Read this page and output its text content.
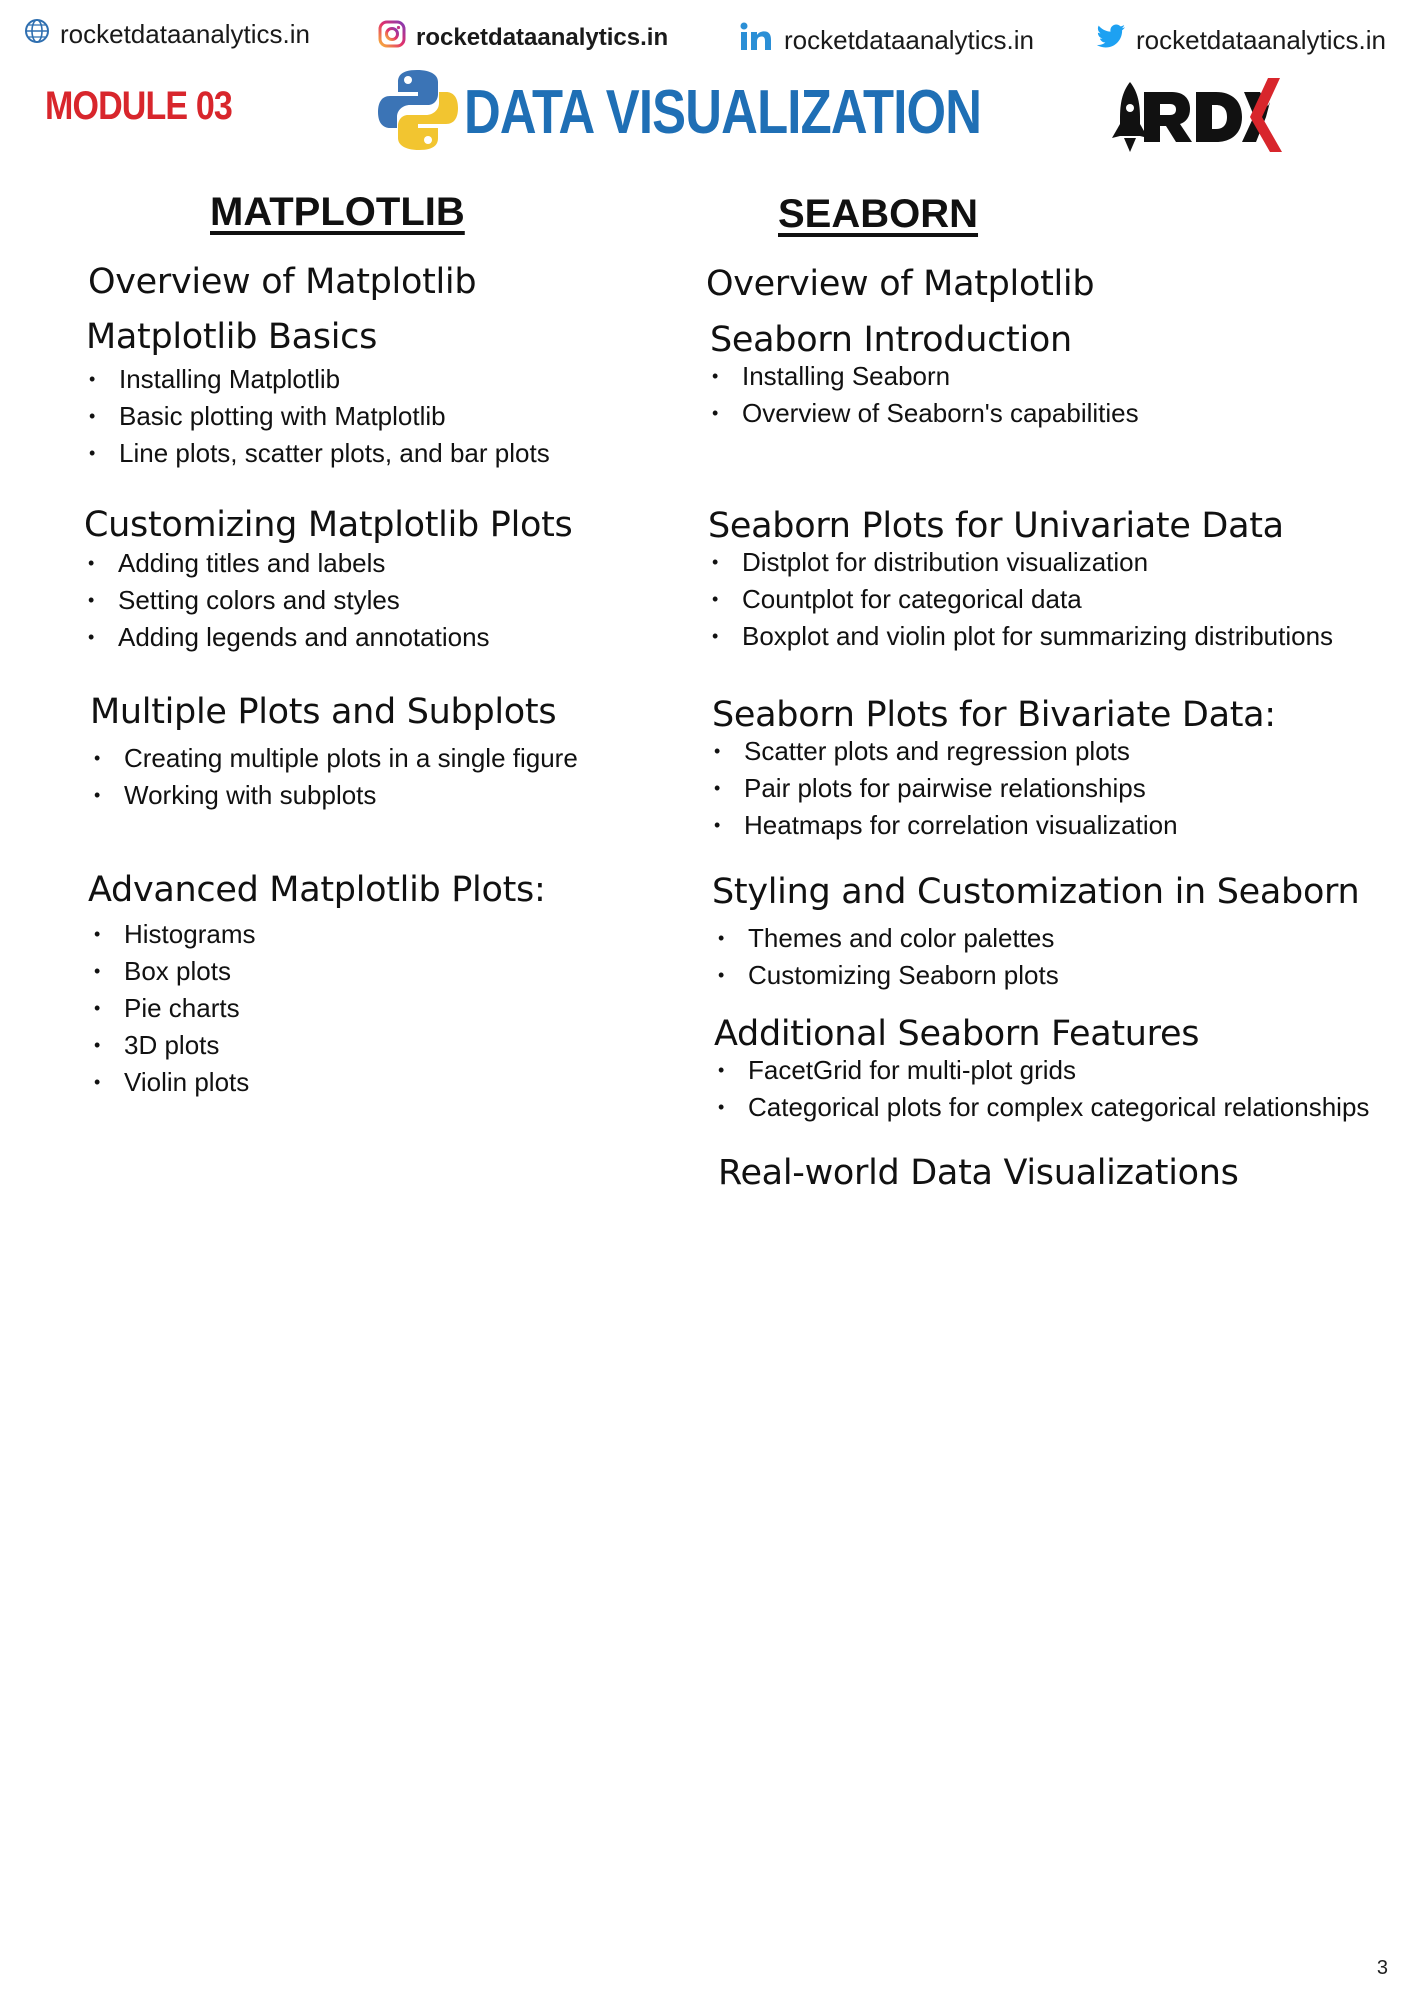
rocketdataanalytics.in	rocketdataanalytics.in	rocketdataanalytics.in	rocketdataanalytics.in
MODULE 03	DATA VISUALIZATION
MATPLOTLIB	SEABORN
Overview of Matplotlib
Matplotlib Basics
• Installing Matplotlib
• Basic plotting with Matplotlib
• Line plots, scatter plots, and bar plots
Customizing Matplotlib Plots
• Adding titles and labels
• Setting colors and styles
• Adding legends and annotations
Multiple Plots and Subplots
• Creating multiple plots in a single figure
• Working with subplots
Advanced Matplotlib Plots:
• Histograms
• Box plots
• Pie charts
• 3D plots
• Violin plots
Overview of Matplotlib
Seaborn Introduction
• Installing Seaborn
• Overview of Seaborn's capabilities
Seaborn Plots for Univariate Data
• Distplot for distribution visualization
• Countplot for categorical data
• Boxplot and violin plot for summarizing distributions
Seaborn Plots for Bivariate Data:
• Scatter plots and regression plots
• Pair plots for pairwise relationships
• Heatmaps for correlation visualization
Styling and Customization in Seaborn
• Themes and color palettes
• Customizing Seaborn plots
Additional Seaborn Features
• FacetGrid for multi-plot grids
• Categorical plots for complex categorical relationships
Real-world Data Visualizations
3
